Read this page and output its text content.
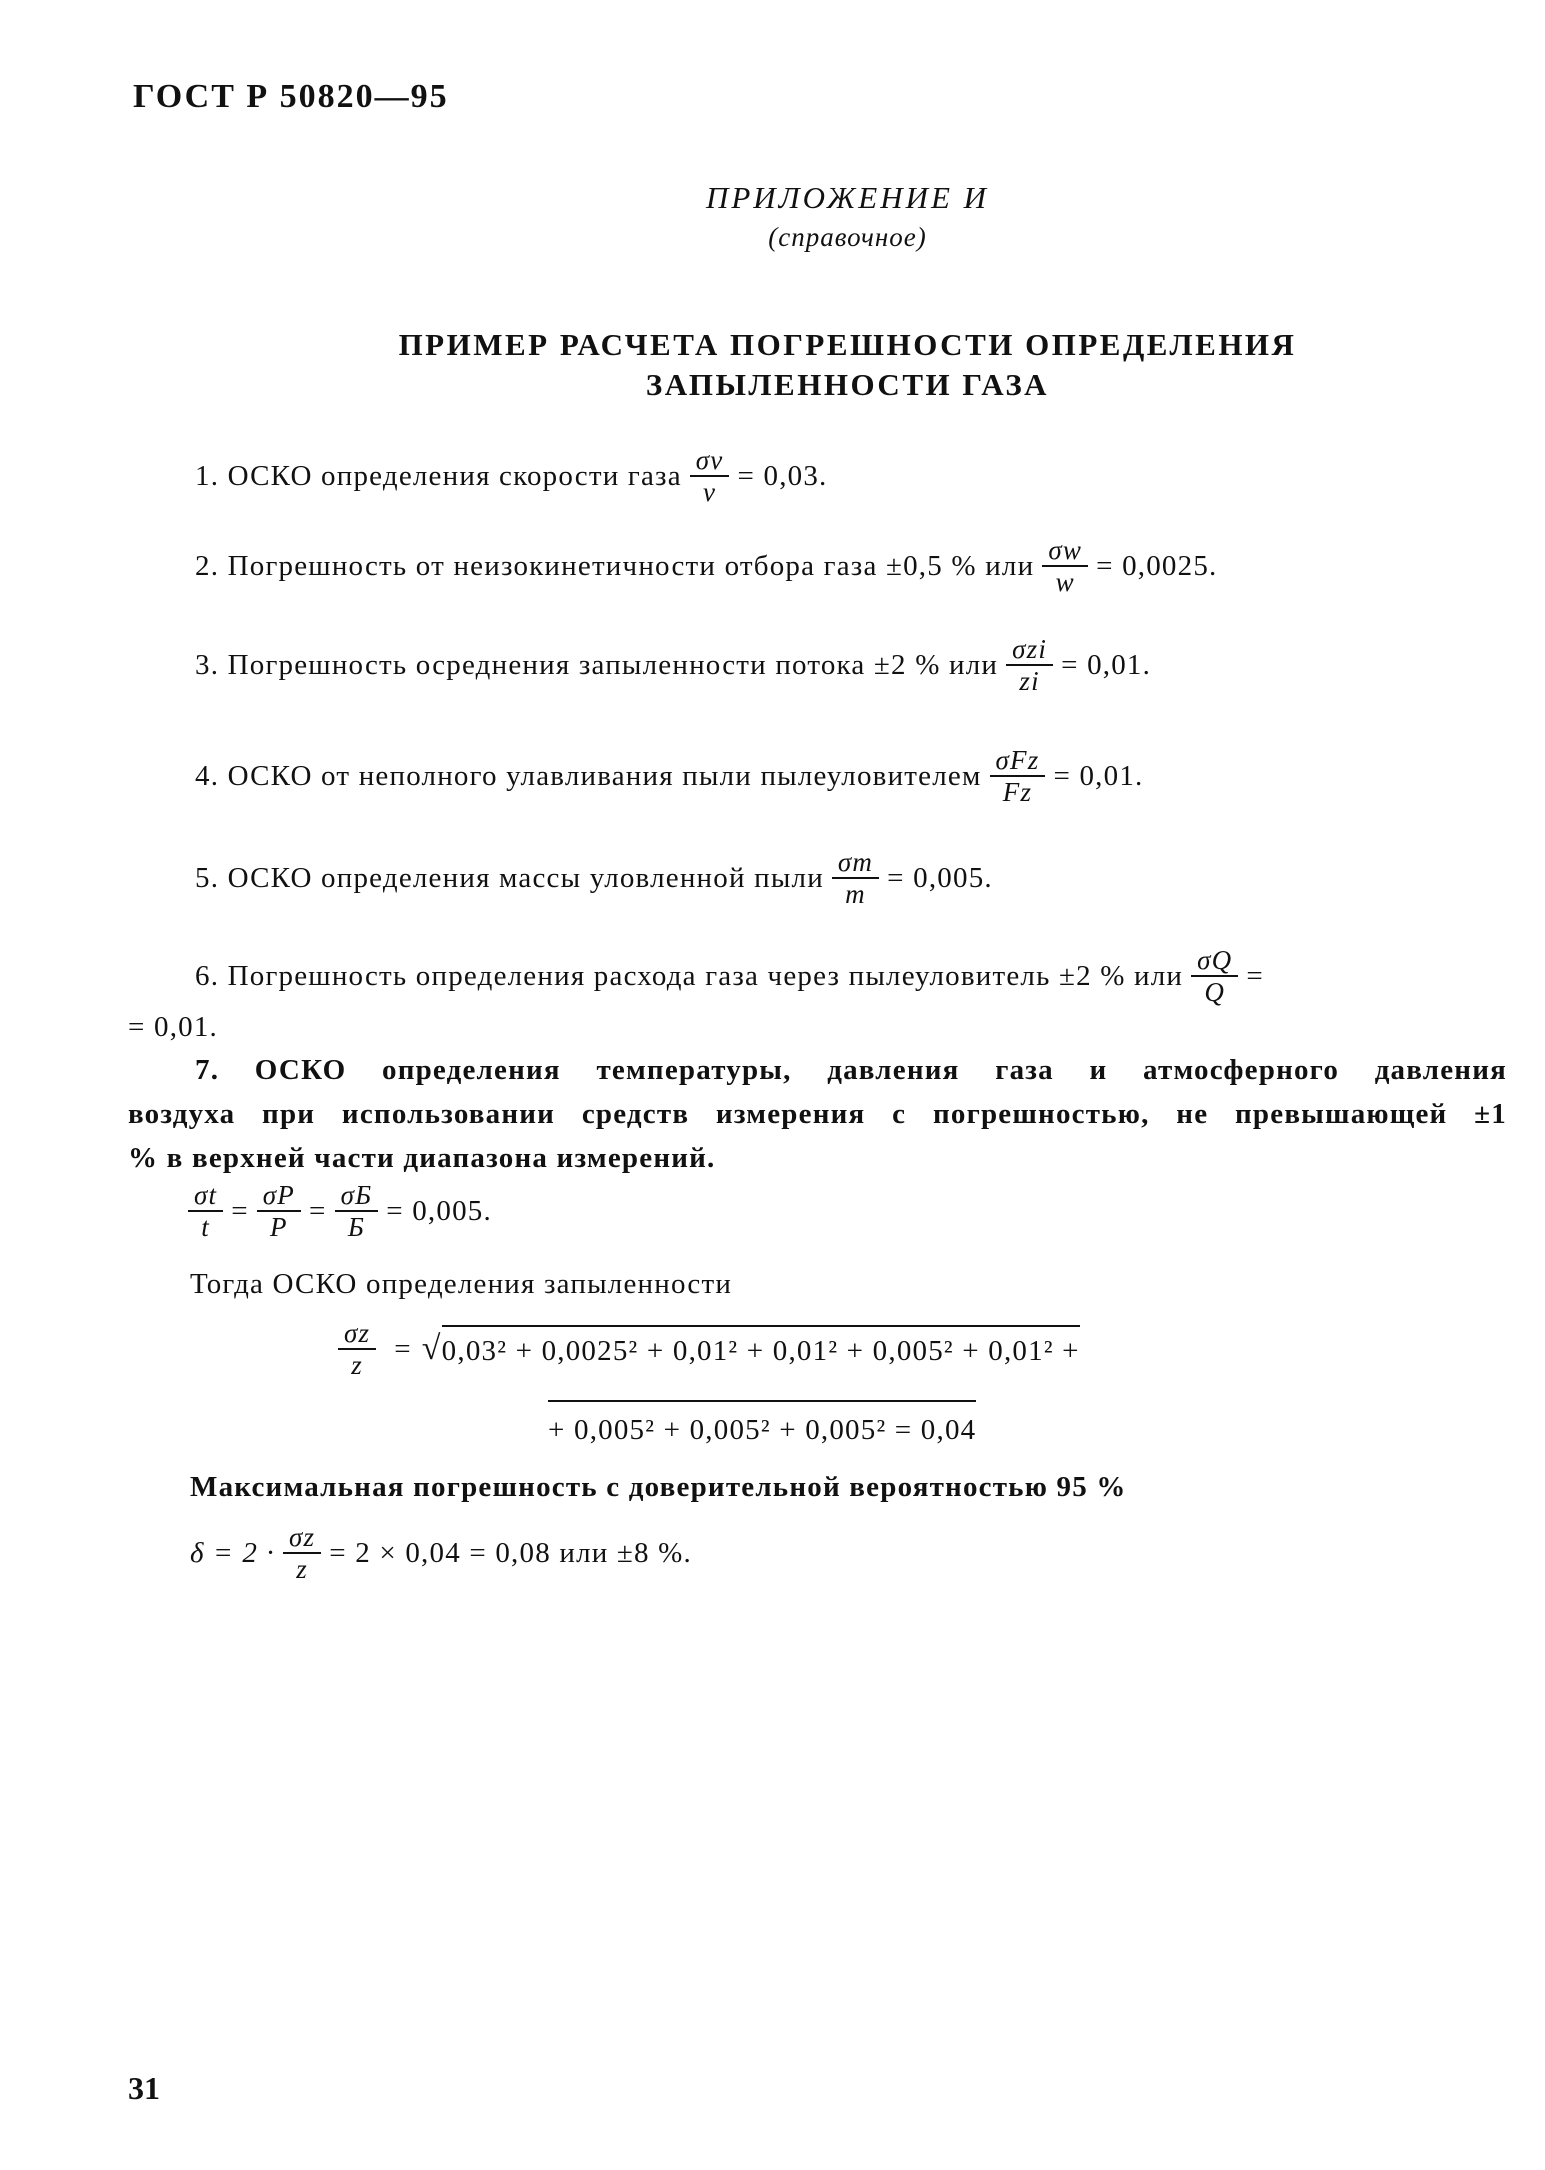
ГОСТ Р 50820—95
ПРИЛОЖЕНИЕ И
(справочное)
ПРИМЕР РАСЧЕТА ПОГРЕШНОСТИ ОПРЕДЕЛЕНИЯ
ЗАПЫЛЕННОСТИ ГАЗА
1. ОСКО определения скорости газа $\frac{\sigma v}{v} = 0,03$.
2. Погрешность от неизокинетичности отбора газа ±0,5 % или $\frac{\sigma w}{w} = 0,0025$.
3. Погрешность осреднения запыленности потока ±2 % или $\frac{\text{σzi}}{zi} = 0,01$.
4. ОСКО от неполного улавливания пыли пылеуловителем $\frac{\text{σFz}}{Fz} = 0,01$.
5. ОСКО определения массы уловленной пыли $\frac{\sigma m}{m} = 0,005$.
6. Погрешность определения расхода газа через пылеуловитель ±2 % или $\frac{\sigma Q}{Q}$ =
= 0,01.
7. ОСКО определения температуры, давления газа и атмосферного давления
воздуха при использовании средств измерения с погрешностью, не превышающей ±1
% в верхней части диапазона измерений.
$\frac{\sigma t}{t} = \frac{\sigma P}{P} = \frac{\sigma Б}{Б} = 0,005$.
Тогда ОСКО определения запыленности
$\frac{\sigma z}{z}$ = √ 0,03² + 0,0025² + 0,01² + 0,01² + 0,005² + 0,01² +
+ 0,005² + 0,005² + 0,005² = 0,04
Максимальная погрешность с доверительной вероятностью 95 %
$\delta = 2 \cdot \frac{\sigma z}{z} = 2 \times 0,04 = 0,08$ или ±8 %.
31
